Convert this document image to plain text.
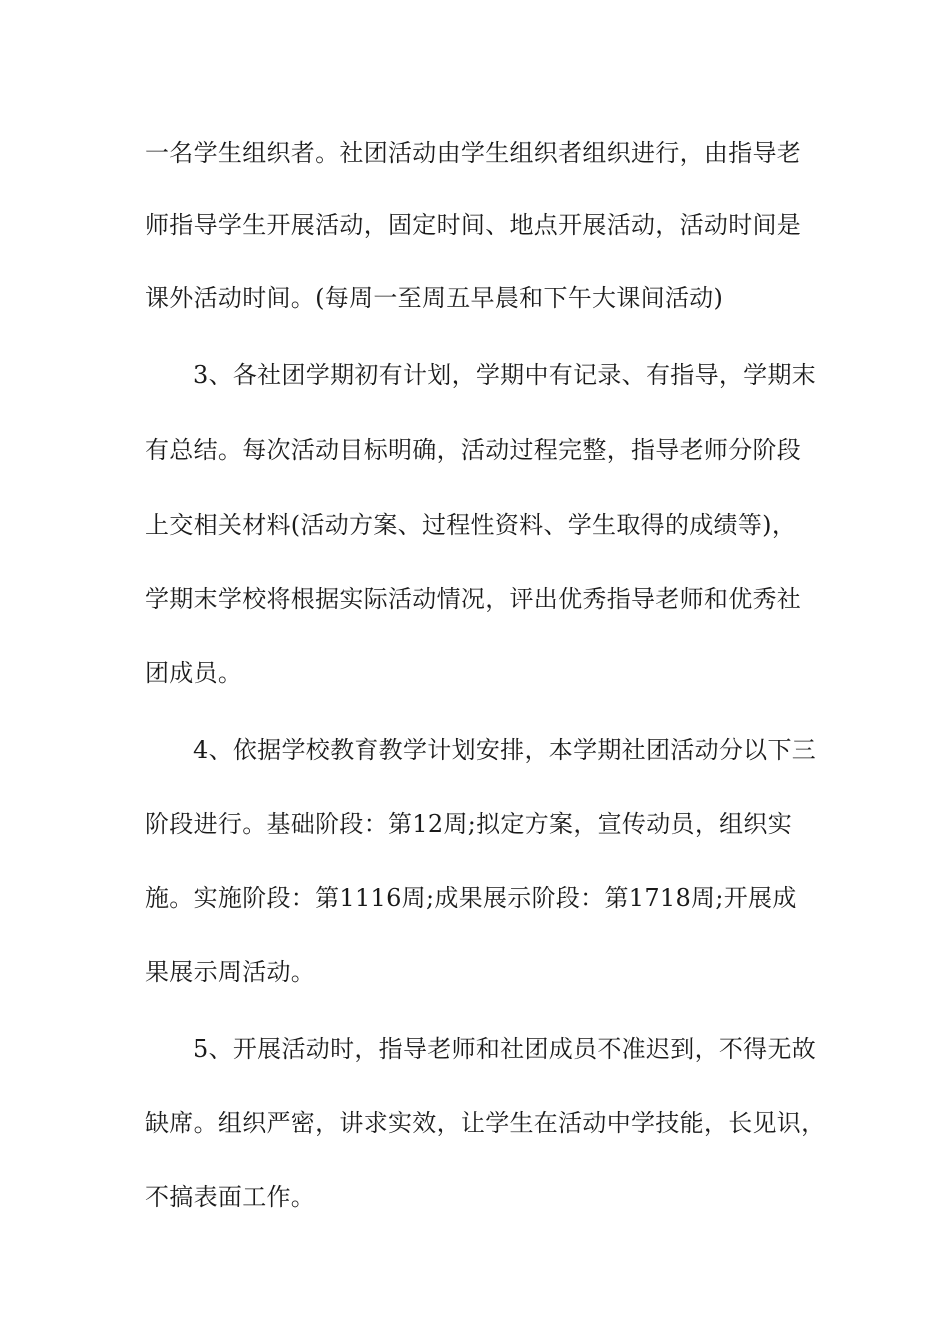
一名学生组织者。社团活动由学生组织者组织进行，由指导老
师指导学生开展活动，固定时间、地点开展活动，活动时间是
课外活动时间。(每周一至周五早晨和下午大课间活动)
3、各社团学期初有计划，学期中有记录、有指导，学期末
有总结。每次活动目标明确，活动过程完整，指导老师分阶段
上交相关材料(活动方案、过程性资料、学生取得的成绩等)，
学期末学校将根据实际活动情况，评出优秀指导老师和优秀社
团成员。
4、依据学校教育教学计划安排，本学期社团活动分以下三
阶段进行。基础阶段：第12周;拟定方案，宣传动员，组织实
施。实施阶段：第1116周;成果展示阶段：第1718周;开展成
果展示周活动。
5、开展活动时，指导老师和社团成员不准迟到，不得无故
缺席。组织严密，讲求实效，让学生在活动中学技能，长见识，
不搞表面工作。
